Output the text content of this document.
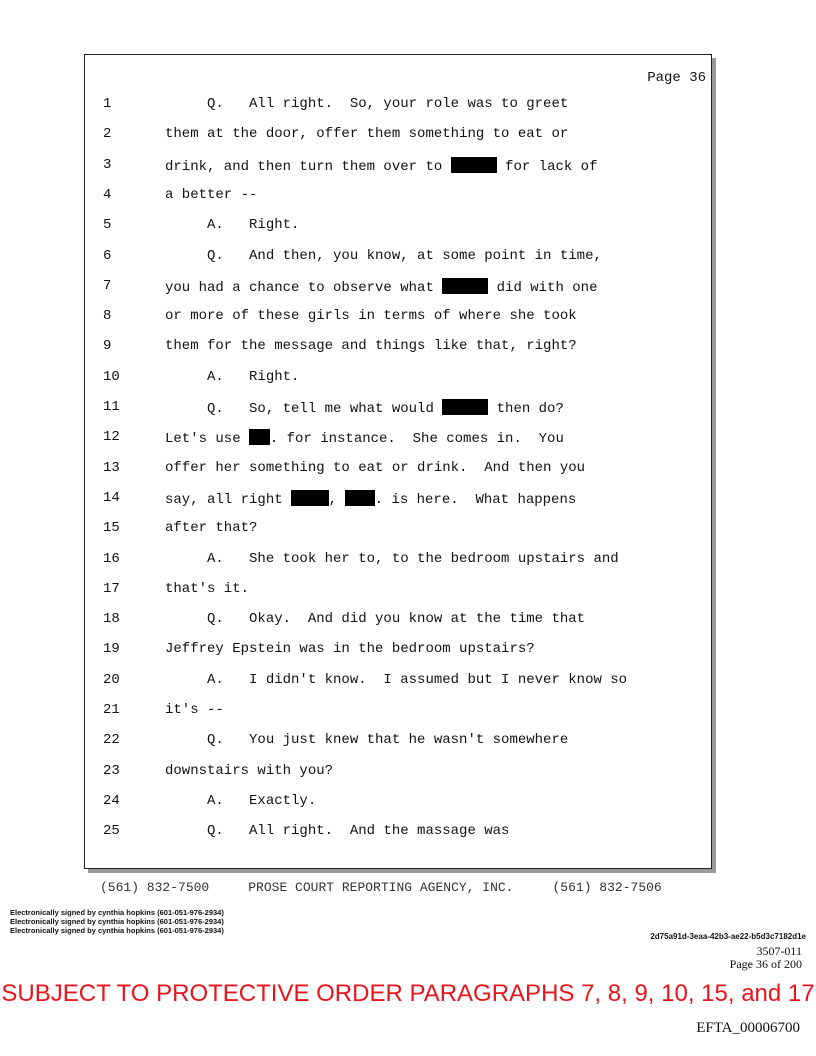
Page 36
1	Q.   All right.  So, your role was to greet
2	them at the door, offer them something to eat or
3	drink, and then turn them over to	for lack of
4	a better --
5	A.   Right.
6	Q.   And then, you know, at some point in time,
7	you had a chance to observe what	did with one
8	or more of these girls in terms of where she took
9	them for the message and things like that, right?
10	A.   Right.
11	Q.   So, tell me what would	then do?
12	Let's use . for instance.  She comes in.  You
13	offer her something to eat or drink.  And then you
14	say, all right	, . is here.  What happens
15	after that?
16	A.   She took her to, to the bedroom upstairs and
17	that's it.
18	Q.   Okay.  And did you know at the time that
19	Jeffrey Epstein was in the bedroom upstairs?
20	A.   I didn't know.  I assumed but I never know so
21	it's --
22	Q.   You just knew that he wasn't somewhere
23	downstairs with you?
24	A.   Exactly.
25	Q.   All right.  And the massage was
(561) 832-7500	PROSE COURT REPORTING AGENCY, INC.	(561) 832-7506
Electronically signed by cynthia hopkins (601-051-976-2934)
Electronically signed by cynthia hopkins (601-051-976-2934)
Electronically signed by cynthia hopkins (601-051-976-2934)
2d75a91d-3eaa-42b3-ae22-b5d3c7182d1e
3507-011
Page 36 of 200
SUBJECT TO PROTECTIVE ORDER PARAGRAPHS 7, 8, 9, 10, 15, and 17
EFTA_00006700
